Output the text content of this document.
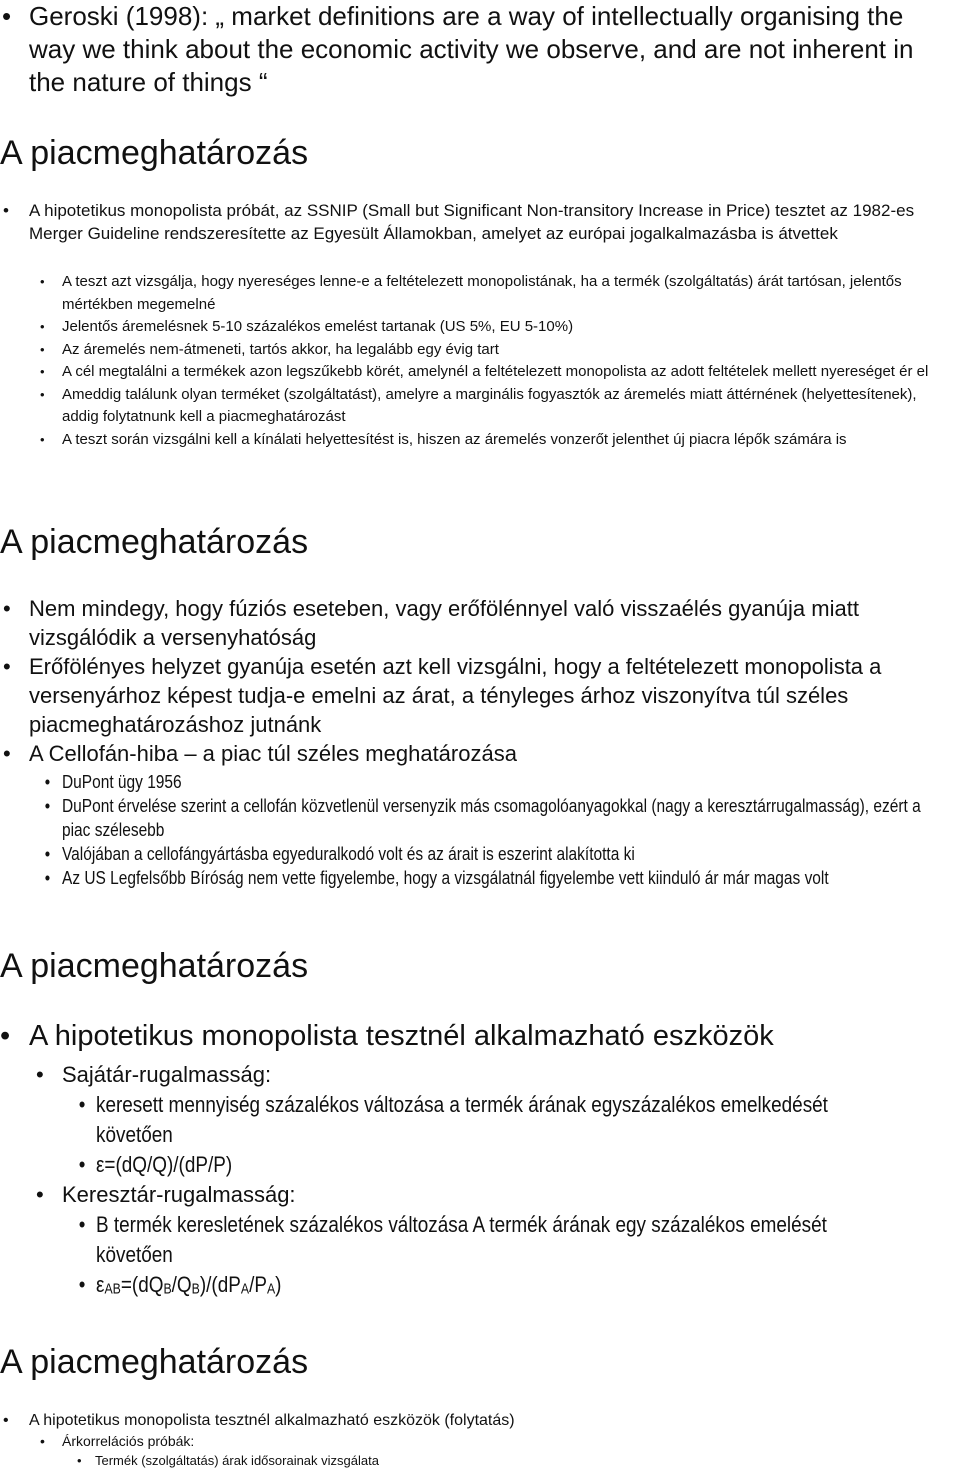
• Geroski (1998): „ market definitions are a way of intellectually organising the way we think about the economic activity we observe, and are not inherent in the nature of things “
A piacmeghatározás
• A hipotetikus monopolista próbát, az SSNIP (Small but Significant Non-transitory Increase in Price) tesztet az 1982-es Merger Guideline rendszeresítette az Egyesült Államokban, amelyet az európai jogalkalmazásba is átvettek
• A teszt azt vizsgálja, hogy nyereséges lenne-e a feltételezett monopolistának, ha a termék (szolgáltatás) árát tartósan, jelentős mértékben megemelné
• Jelentős áremelésnek 5-10 százalékos emelést tartanak (US 5%, EU 5-10%)
• Az áremelés nem-átmeneti, tartós akkor, ha legalább egy évig tart
• A cél megtalálni a termékek azon legszűkebb körét, amelynél a feltételezett monopolista az adott feltételek mellett nyereséget ér el
• Ameddig találunk olyan terméket (szolgáltatást), amelyre a marginális fogyasztók az áremelés miatt áttérnének (helyettesítenek), addig folytatnunk kell a piacmeghatározást
• A teszt során vizsgálni kell a kínálati helyettesítést is, hiszen az áremelés vonzerőt jelenthet új piacra lépők számára is
A piacmeghatározás
• Nem mindegy, hogy fúziós eseteben, vagy erőfölénnyel való visszaélés gyanúja miatt vizsgálódik a versenyhatóság
• Erőfölényes helyzet gyanúja esetén azt kell vizsgálni, hogy a feltételezett monopolista a versenyárhoz képest tudja-e emelni az árat, a tényleges árhoz viszonyítva túl széles piacmeghatározáshoz jutnánk
• A Cellofán-hiba – a piac túl széles meghatározása
• DuPont ügy 1956
• DuPont érvelése szerint a cellofán közvetlenül versenyzik más csomagolóanyagokkal (nagy a keresztárrugalmasság), ezért a piac szélesebb
• Valójában a cellofángyártásba egyeduralkodó volt és az árait is eszerint alakította ki
• Az US Legfelsőbb Bíróság nem vette figyelembe, hogy a vizsgálatnál figyelembe vett kiinduló ár már magas volt
A piacmeghatározás
• A hipotetikus monopolista tesztnél alkalmazható eszközök
• Sajátár-rugalmasság:
• keresett mennyiség százalékos változása a termék árának egyszázalékos emelkedését követően
• ε=(dQ/Q)/(dP/P)
• Keresztár-rugalmasság:
• B termék keresletének százalékos változása A termék árának egy százalékos emelését követően
• $\varepsilon_{AB}=(dQ_B/Q_B)/(dP_A/P_A)$
A piacmeghatározás
• A hipotetikus monopolista tesztnél alkalmazható eszközök (folytatás)
• Árkorrelációs próbák:
• Termék (szolgáltatás) árak idősorainak vizsgálata
